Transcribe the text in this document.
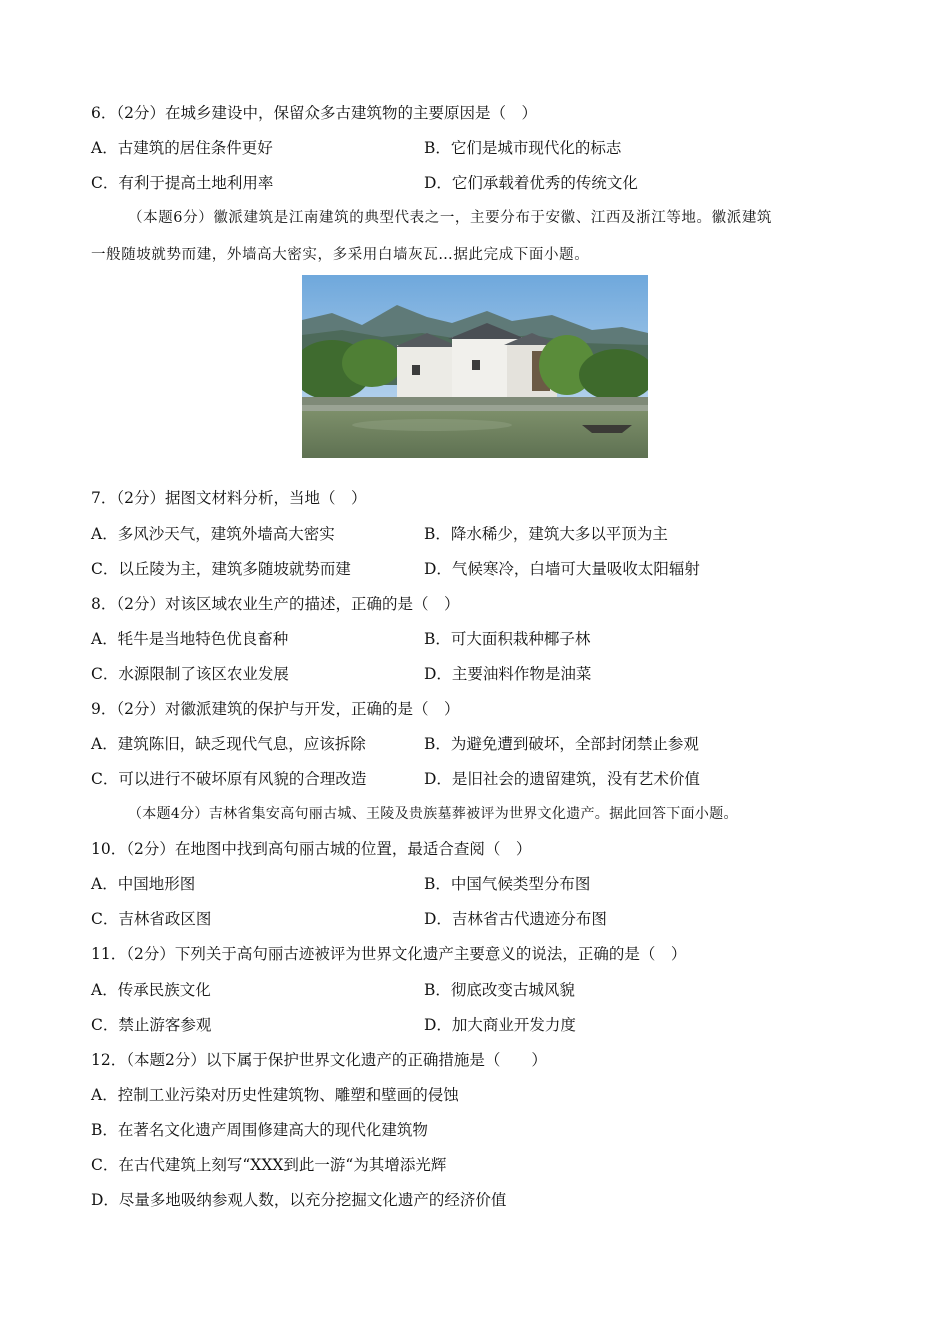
6．（2分）在城乡建设中，保留众多古建筑物的主要原因是（　）
A．古建筑的居住条件更好	B．它们是城市现代化的标志
C．有利于提高土地利用率	D．它们承载着优秀的传统文化
（本题6分）徽派建筑是江南建筑的典型代表之一，主要分布于安徽、江西及浙江等地。徽派建筑
一般随坡就势而建，外墙高大密实，多采用白墙灰瓦…据此完成下面小题。
7．（2分）据图文材料分析，当地（　）
A．多风沙天气，建筑外墙高大密实	B．降水稀少，建筑大多以平顶为主
C．以丘陵为主，建筑多随坡就势而建	D．气候寒冷，白墙可大量吸收太阳辐射
8．（2分）对该区域农业生产的描述，正确的是（　）
A．牦牛是当地特色优良畜种	B．可大面积栽种椰子林
C．水源限制了该区农业发展	D．主要油料作物是油菜
9．（2分）对徽派建筑的保护与开发，正确的是（　）
A．建筑陈旧，缺乏现代气息，应该拆除	B．为避免遭到破坏，全部封闭禁止参观
C．可以进行不破坏原有风貌的合理改造	D．是旧社会的遗留建筑，没有艺术价值
（本题4分）吉林省集安高句丽古城、王陵及贵族墓葬被评为世界文化遗产。据此回答下面小题。
10．（2分）在地图中找到高句丽古城的位置，最适合查阅（　）
A．中国地形图	B．中国气候类型分布图
C．吉林省政区图	D．吉林省古代遗迹分布图
11．（2分）下列关于高句丽古迹被评为世界文化遗产主要意义的说法，正确的是（　）
A．传承民族文化	B．彻底改变古城风貌
C．禁止游客参观	D．加大商业开发力度
12．（本题2分）以下属于保护世界文化遗产的正确措施是（　　）
A．控制工业污染对历史性建筑物、雕塑和壁画的侵蚀
B．在著名文化遗产周围修建高大的现代化建筑物
C．在古代建筑上刻写“XXX到此一游“为其增添光辉
D．尽量多地吸纳参观人数，以充分挖掘文化遗产的经济价值
